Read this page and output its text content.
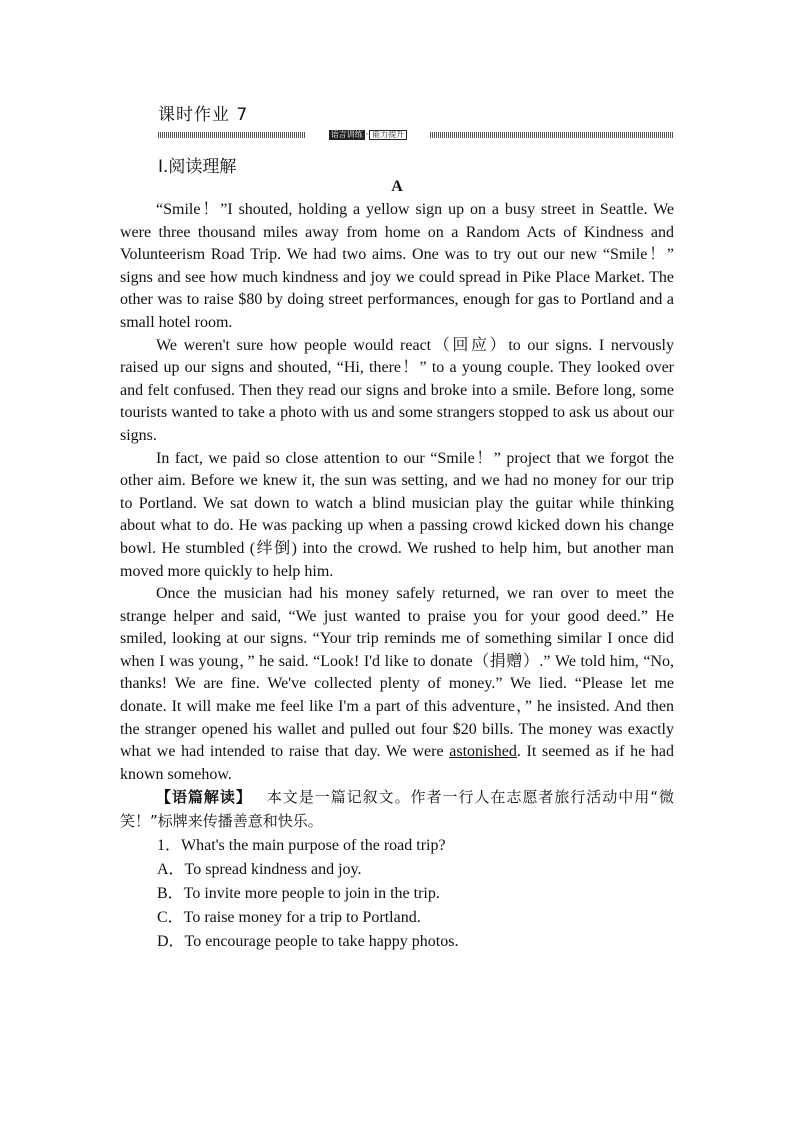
课时作业 7
语言训练 · 能力提升
Ⅰ.阅读理解
A

“Smile！”I shouted, holding a yellow sign up on a busy street in Seattle. We were three thousand miles away from home on a Random Acts of Kindness and Volunteerism Road Trip. We had two aims. One was to try out our new “Smile！” signs and see how much kindness and joy we could spread in Pike Place Market. The other was to raise $80 by doing street performances, enough for gas to Portland and a small hotel room.

We weren't sure how people would react（回应）to our signs. I nervously raised up our signs and shouted, “Hi, there！” to a young couple. They looked over and felt confused. Then they read our signs and broke into a smile. Before long, some tourists wanted to take a photo with us and some strangers stopped to ask us about our signs.

In fact, we paid so close attention to our “Smile！” project that we forgot the other aim. Before we knew it, the sun was setting, and we had no money for our trip to Portland. We sat down to watch a blind musician play the guitar while thinking about what to do. He was packing up when a passing crowd kicked down his change bowl. He stumbled (绊倒) into the crowd. We rushed to help him, but another man moved more quickly to help him.

Once the musician had his money safely returned, we ran over to meet the strange helper and said, “We just wanted to praise you for your good deed.” He smiled, looking at our signs. “Your trip reminds me of something similar I once did when I was young，” he said. “Look! I'd like to donate（捐赠）.” We told him, “No, thanks! We are fine. We've collected plenty of money.” We lied. “Please let me donate. It will make me feel like I'm a part of this adventure，” he insisted. And then the stranger opened his wallet and pulled out four $20 bills. The money was exactly what we had intended to raise that day. We were astonished. It seemed as if he had known somehow.

【语篇解读】 本文是一篇记叙文。作者一行人在志愿者旅行活动中用“微笑！”标牌来传播善意和快乐。

1．What's the main purpose of the road trip?
A．To spread kindness and joy.
B．To invite more people to join in the trip.
C．To raise money for a trip to Portland.
D．To encourage people to take happy photos.
